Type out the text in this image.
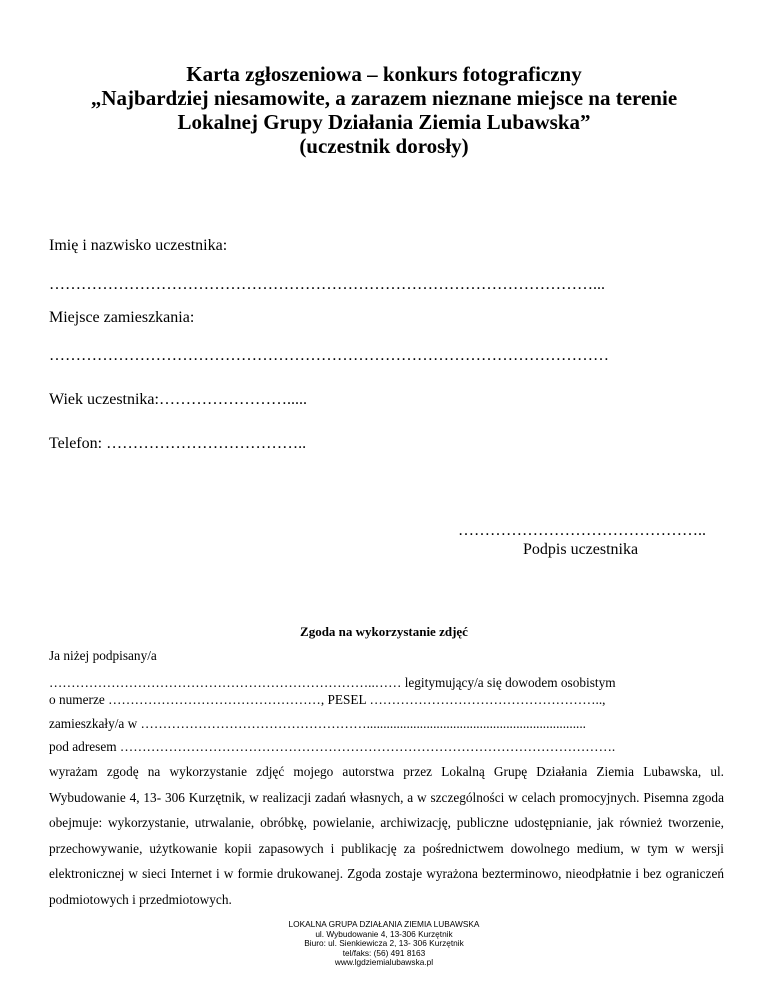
Karta zgłoszeniowa – konkurs fotograficzny
„Najbardziej niesamowite, a zarazem nieznane miejsce na terenie
Lokalnej Grupy Działania Ziemia Lubawska”
(uczestnik dorosły)
Imię i nazwisko uczestnika:
…………………………………………………………………………………………...
Miejsce zamieszkania:
……………………………………………………………………………………………
Wiek uczestnika:…………………….....
Telefon: ………………………………..
………………………………………..
Podpis uczestnika
Zgoda na wykorzystanie zdjęć
Ja niżej podpisany/a
………………………………………………………………..…… legitymujący/a się dowodem osobistym
o numerze …………………………………………, PESEL ……………………………………………..,
zamieszkały/a w ……………………………………………..................................................................
pod adresem ………………………………………………………………………………………………….
wyrażam zgodę na wykorzystanie zdjęć mojego autorstwa przez Lokalną Grupę Działania Ziemia Lubawska, ul. Wybudowanie 4, 13- 306 Kurzętnik, w realizacji zadań własnych, a w szczególności w celach promocyjnych. Pisemna zgoda obejmuje: wykorzystanie, utrwalanie, obróbkę, powielanie, archiwizację, publiczne udostępnianie, jak również tworzenie, przechowywanie, użytkowanie kopii zapasowych i publikację za pośrednictwem dowolnego medium, w tym w wersji elektronicznej w sieci Internet i w formie drukowanej. Zgoda zostaje wyrażona bezterminowo, nieodpłatnie i bez ograniczeń podmiotowych i przedmiotowych.
LOKALNA GRUPA DZIAŁANIA ZIEMIA LUBAWSKA
ul. Wybudowanie 4, 13-306 Kurzętnik
Biuro: ul. Sienkiewicza 2, 13- 306 Kurzętnik
tel/faks: (56) 491 8163
www.lgdziemialubawska.pl
